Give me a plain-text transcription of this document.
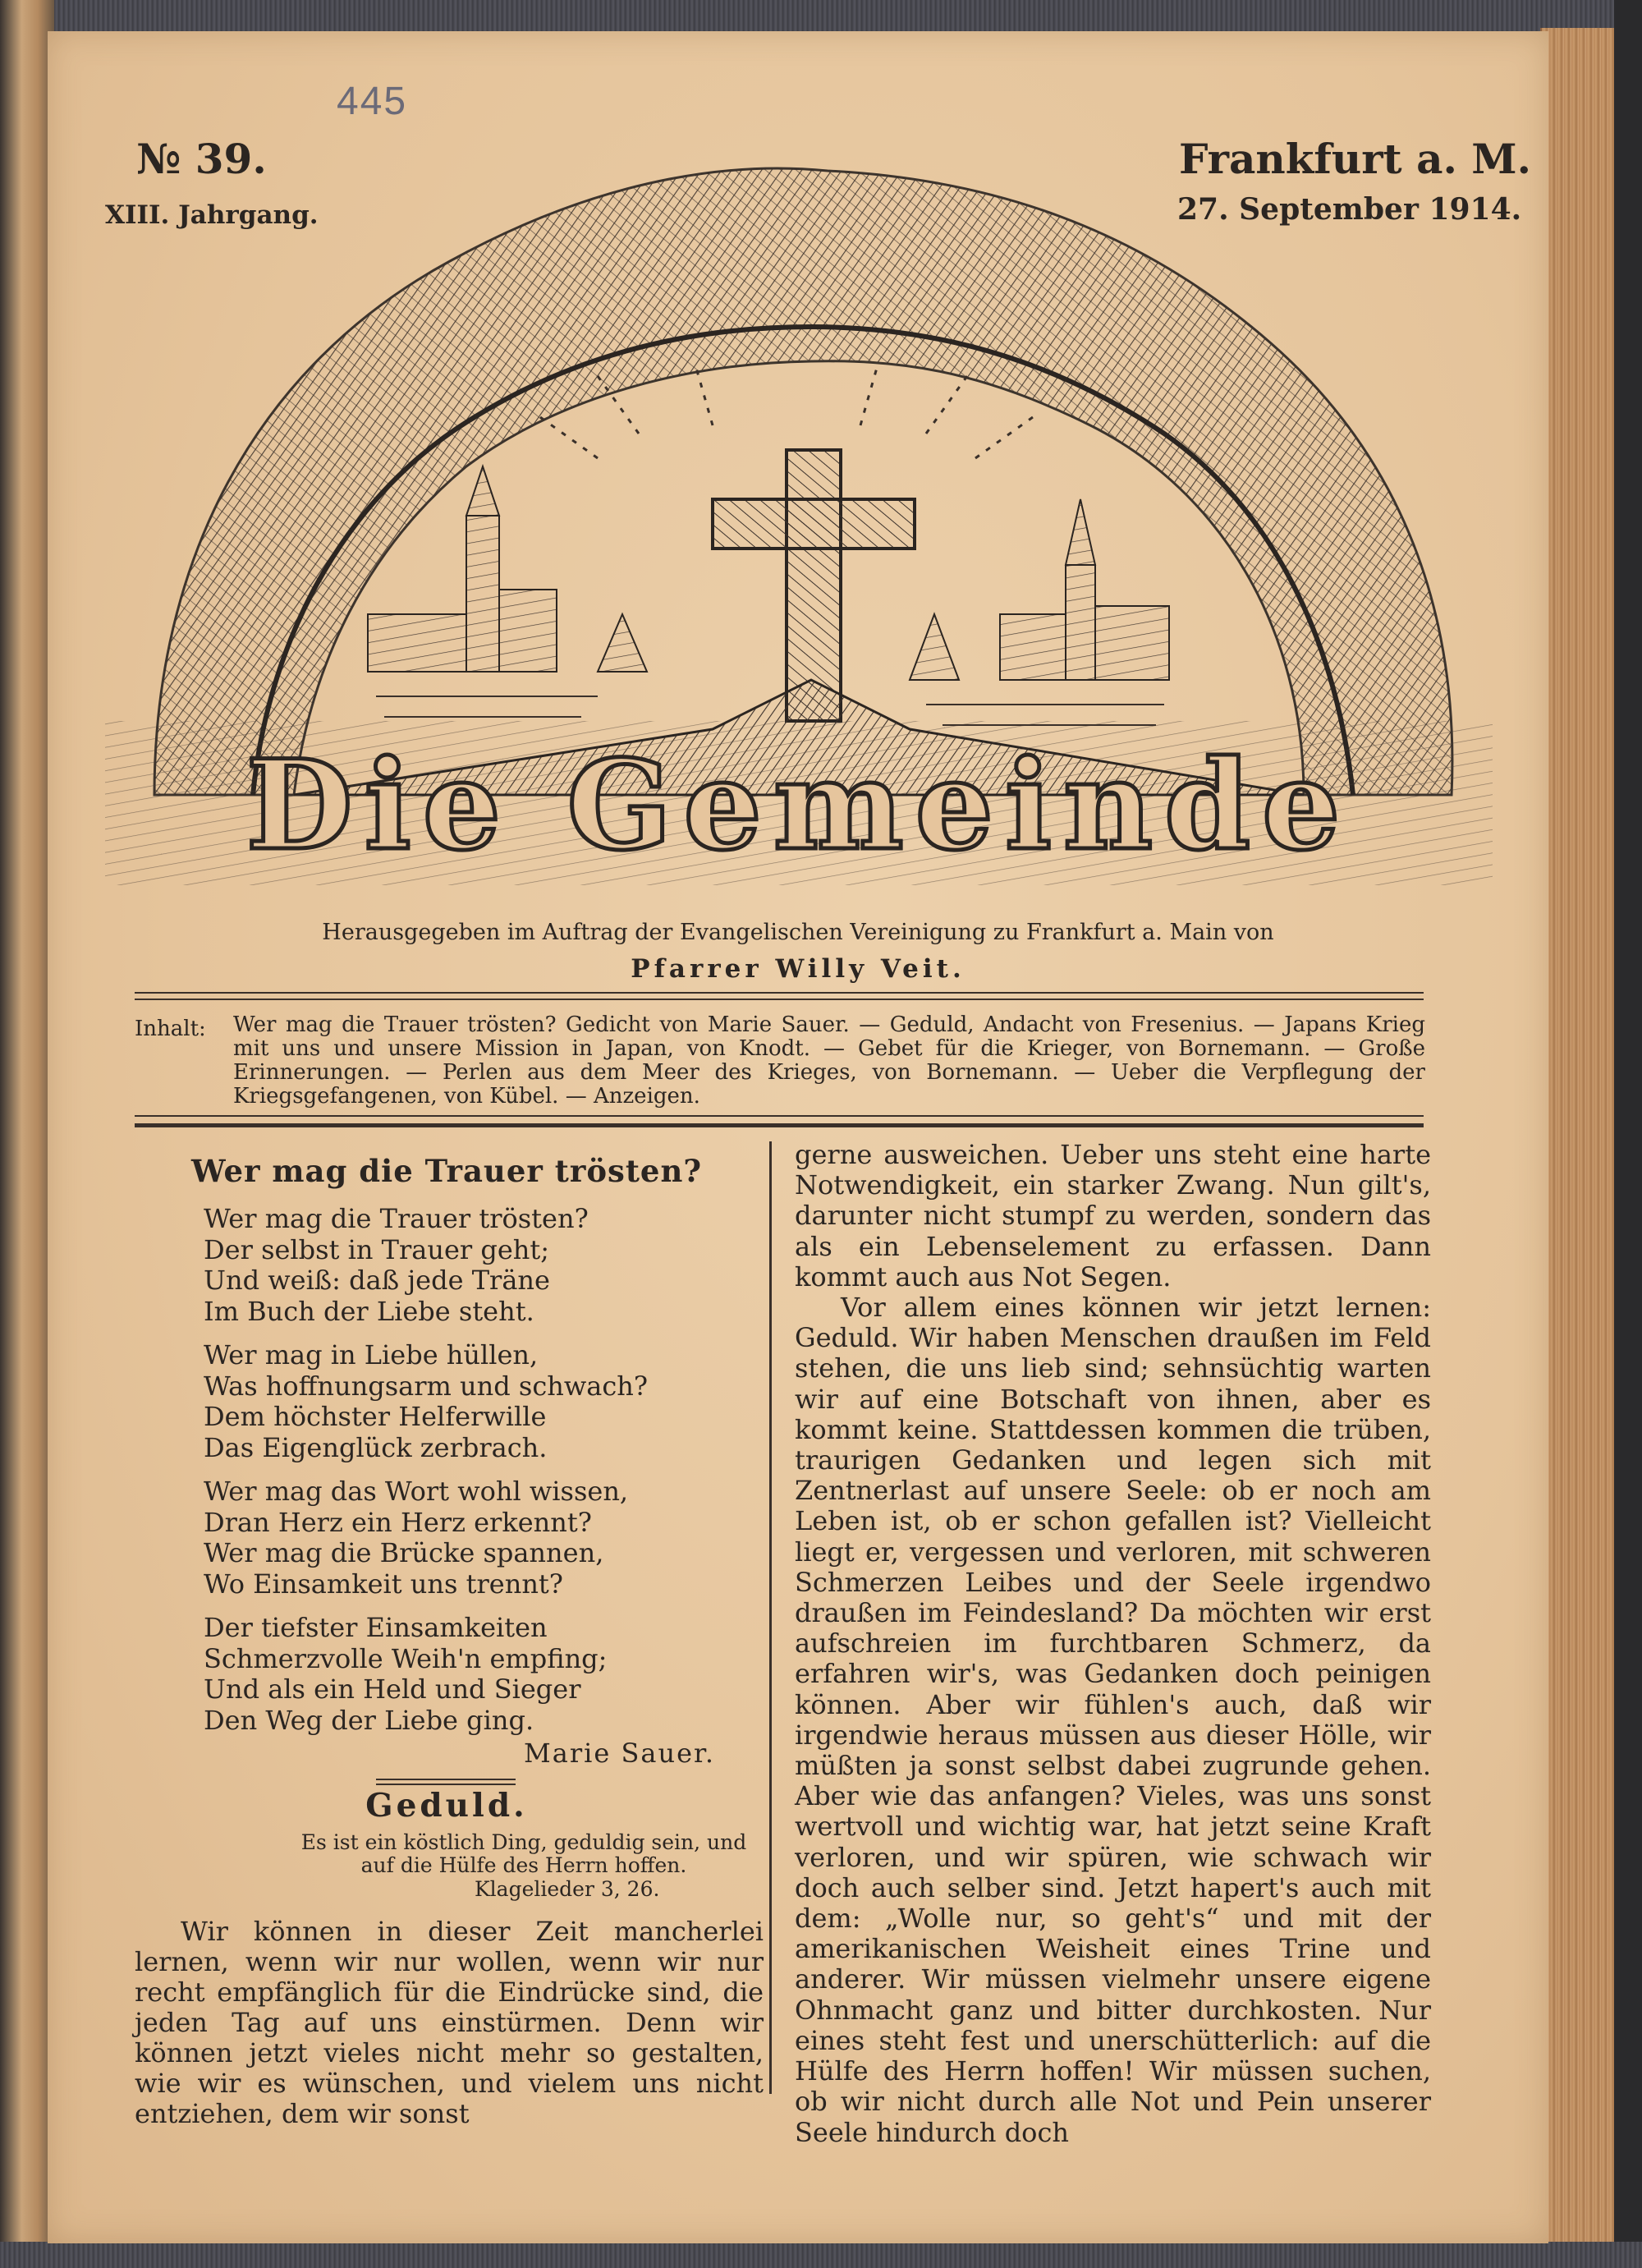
445
№ 39.
XIII. Jahrgang.
Frankfurt a. M.
27. September 1914.
Die Gemeinde
Herausgegeben im Auftrag der Evangelischen Vereinigung zu Frankfurt a. Main von
Pfarrer Willy Veit.
Inhalt: Wer mag die Trauer trösten? Gedicht von Marie Sauer. — Geduld, Andacht von Fresenius. — Japans Krieg mit uns und unsere Mission in Japan, von Knodt. — Gebet für die Krieger, von Bornemann. — Große Erinnerungen. — Perlen aus dem Meer des Krieges, von Bornemann. — Ueber die Verpflegung der Kriegsgefangenen, von Kübel. — Anzeigen.
Wer mag die Trauer trösten?
Wer mag die Trauer trösten?
Der selbst in Trauer geht;
Und weiß: daß jede Träne
Im Buch der Liebe steht.
Wer mag in Liebe hüllen,
Was hoffnungsarm und schwach?
Dem höchster Helferwille
Das Eigenglück zerbrach.
Wer mag das Wort wohl wissen,
Dran Herz ein Herz erkennt?
Wer mag die Brücke spannen,
Wo Einsamkeit uns trennt?
Der tiefster Einsamkeiten
Schmerzvolle Weih'n empfing;
Und als ein Held und Sieger
Den Weg der Liebe ging.
Marie Sauer.
Geduld.
Es ist ein köstlich Ding, geduldig sein, und auf die Hülfe des Herrn hoffen.
Klagelieder 3, 26.

Wir können in dieser Zeit mancherlei lernen, wenn wir nur wollen, wenn wir nur recht empfänglich für die Eindrücke sind, die jeden Tag auf uns einstürmen. Denn wir können jetzt vieles nicht mehr so gestalten, wie wir es wünschen, und vielem uns nicht entziehen, dem wir sonst

gerne ausweichen. Ueber uns steht eine harte Notwendigkeit, ein starker Zwang. Nun gilt's, darunter nicht stumpf zu werden, sondern das als ein Lebenselement zu erfassen. Dann kommt auch aus Not Segen.

Vor allem eines können wir jetzt lernen: Geduld. Wir haben Menschen draußen im Feld stehen, die uns lieb sind; sehnsüchtig warten wir auf eine Botschaft von ihnen, aber es kommt keine. Stattdessen kommen die trüben, traurigen Gedanken und legen sich mit Zentnerlast auf unsere Seele: ob er noch am Leben ist, ob er schon gefallen ist? Vielleicht liegt er, vergessen und verloren, mit schweren Schmerzen Leibes und der Seele irgendwo draußen im Feindesland? Da möchten wir erst aufschreien im furchtbaren Schmerz, da erfahren wir's, was Gedanken doch peinigen können. Aber wir fühlen's auch, daß wir irgendwie heraus müssen aus dieser Hölle, wir müßten ja sonst selbst dabei zugrunde gehen. Aber wie das anfangen? Vieles, was uns sonst wertvoll und wichtig war, hat jetzt seine Kraft verloren, und wir spüren, wie schwach wir doch auch selber sind. Jetzt hapert's auch mit dem: „Wolle nur, so geht's“ und mit der amerikanischen Weisheit eines Trine und anderer. Wir müssen vielmehr unsere eigene Ohnmacht ganz und bitter durchkosten. Nur eines steht fest und unerschütterlich: auf die Hülfe des Herrn hoffen! Wir müssen suchen, ob wir nicht durch alle Not und Pein unserer Seele hindurch doch
